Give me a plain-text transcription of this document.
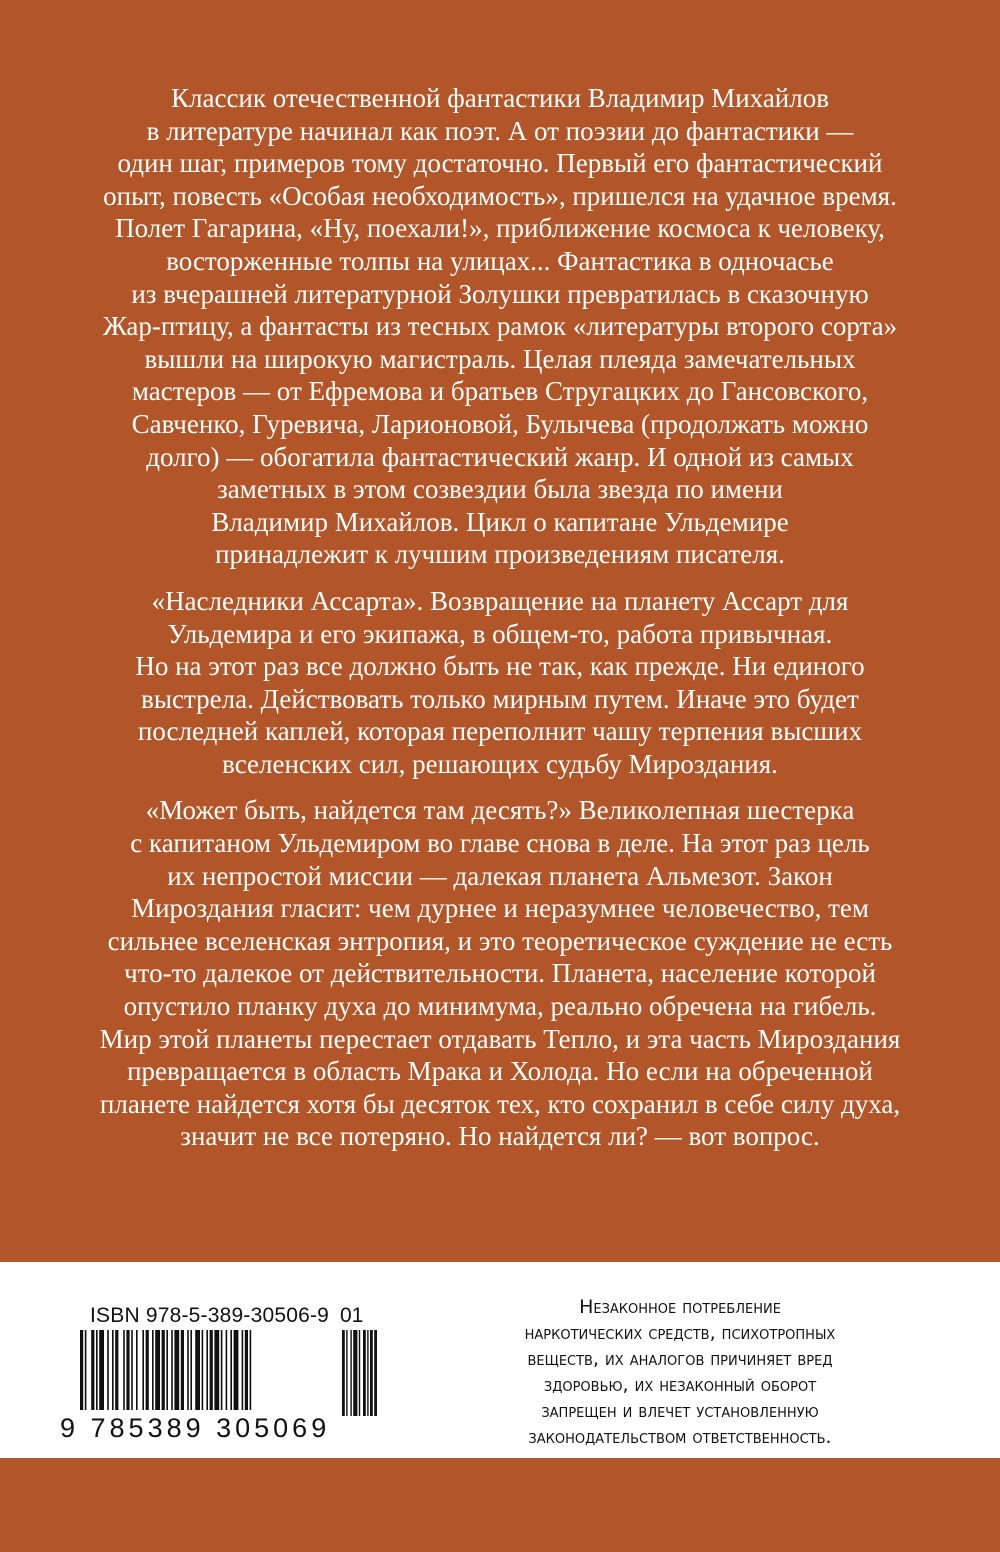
Классик отечественной фантастики Владимир Михайлов
в литературе начинал как поэт. А от поэзии до фантастики —
один шаг, примеров тому достаточно. Первый его фантастический
опыт, повесть «Особая необходимость», пришелся на удачное время.
Полет Гагарина, «Ну, поехали!», приближение космоса к человеку,
восторженные толпы на улицах... Фантастика в одночасье
из вчерашней литературной Золушки превратилась в сказочную
Жар-птицу, а фантасты из тесных рамок «литературы второго сорта»
вышли на широкую магистраль. Целая плеяда замечательных
мастеров — от Ефремова и братьев Стругацких до Гансовского,
Савченко, Гуревича, Ларионовой, Булычева (продолжать можно
долго) — обогатила фантастический жанр. И одной из самых
заметных в этом созвездии была звезда по имени
Владимир Михайлов. Цикл о капитане Ульдемире
принадлежит к лучшим произведениям писателя.

«Наследники Ассарта». Возвращение на планету Ассарт для
Ульдемира и его экипажа, в общем-то, работа привычная.
Но на этот раз все должно быть не так, как прежде. Ни единого
выстрела. Действовать только мирным путем. Иначе это будет
последней каплей, которая переполнит чашу терпения высших
вселенских сил, решающих судьбу Мироздания.

«Может быть, найдется там десять?» Великолепная шестерка
с капитаном Ульдемиром во главе снова в деле. На этот раз цель
их непростой миссии — далекая планета Альмезот. Закон
Мироздания гласит: чем дурнее и неразумнее человечество, тем
сильнее вселенская энтропия, и это теоретическое суждение не есть
что-то далекое от действительности. Планета, население которой
опустило планку духа до минимума, реально обречена на гибель.
Мир этой планеты перестает отдавать Тепло, и эта часть Мироздания
превращается в область Мрака и Холода. Но если на обреченной
планете найдется хотя бы десяток тех, кто сохранил в себе силу духа,
значит не все потеряно. Но найдется ли? — вот вопрос.

ISBN 978-5-389-30506-9 01
9 785389 305069
Незаконное потребление
наркотических средств, психотропных
веществ, их аналогов причиняет вред
здоровью, их незаконный оборот
запрещен и влечет установленную
законодательством ответственность.
